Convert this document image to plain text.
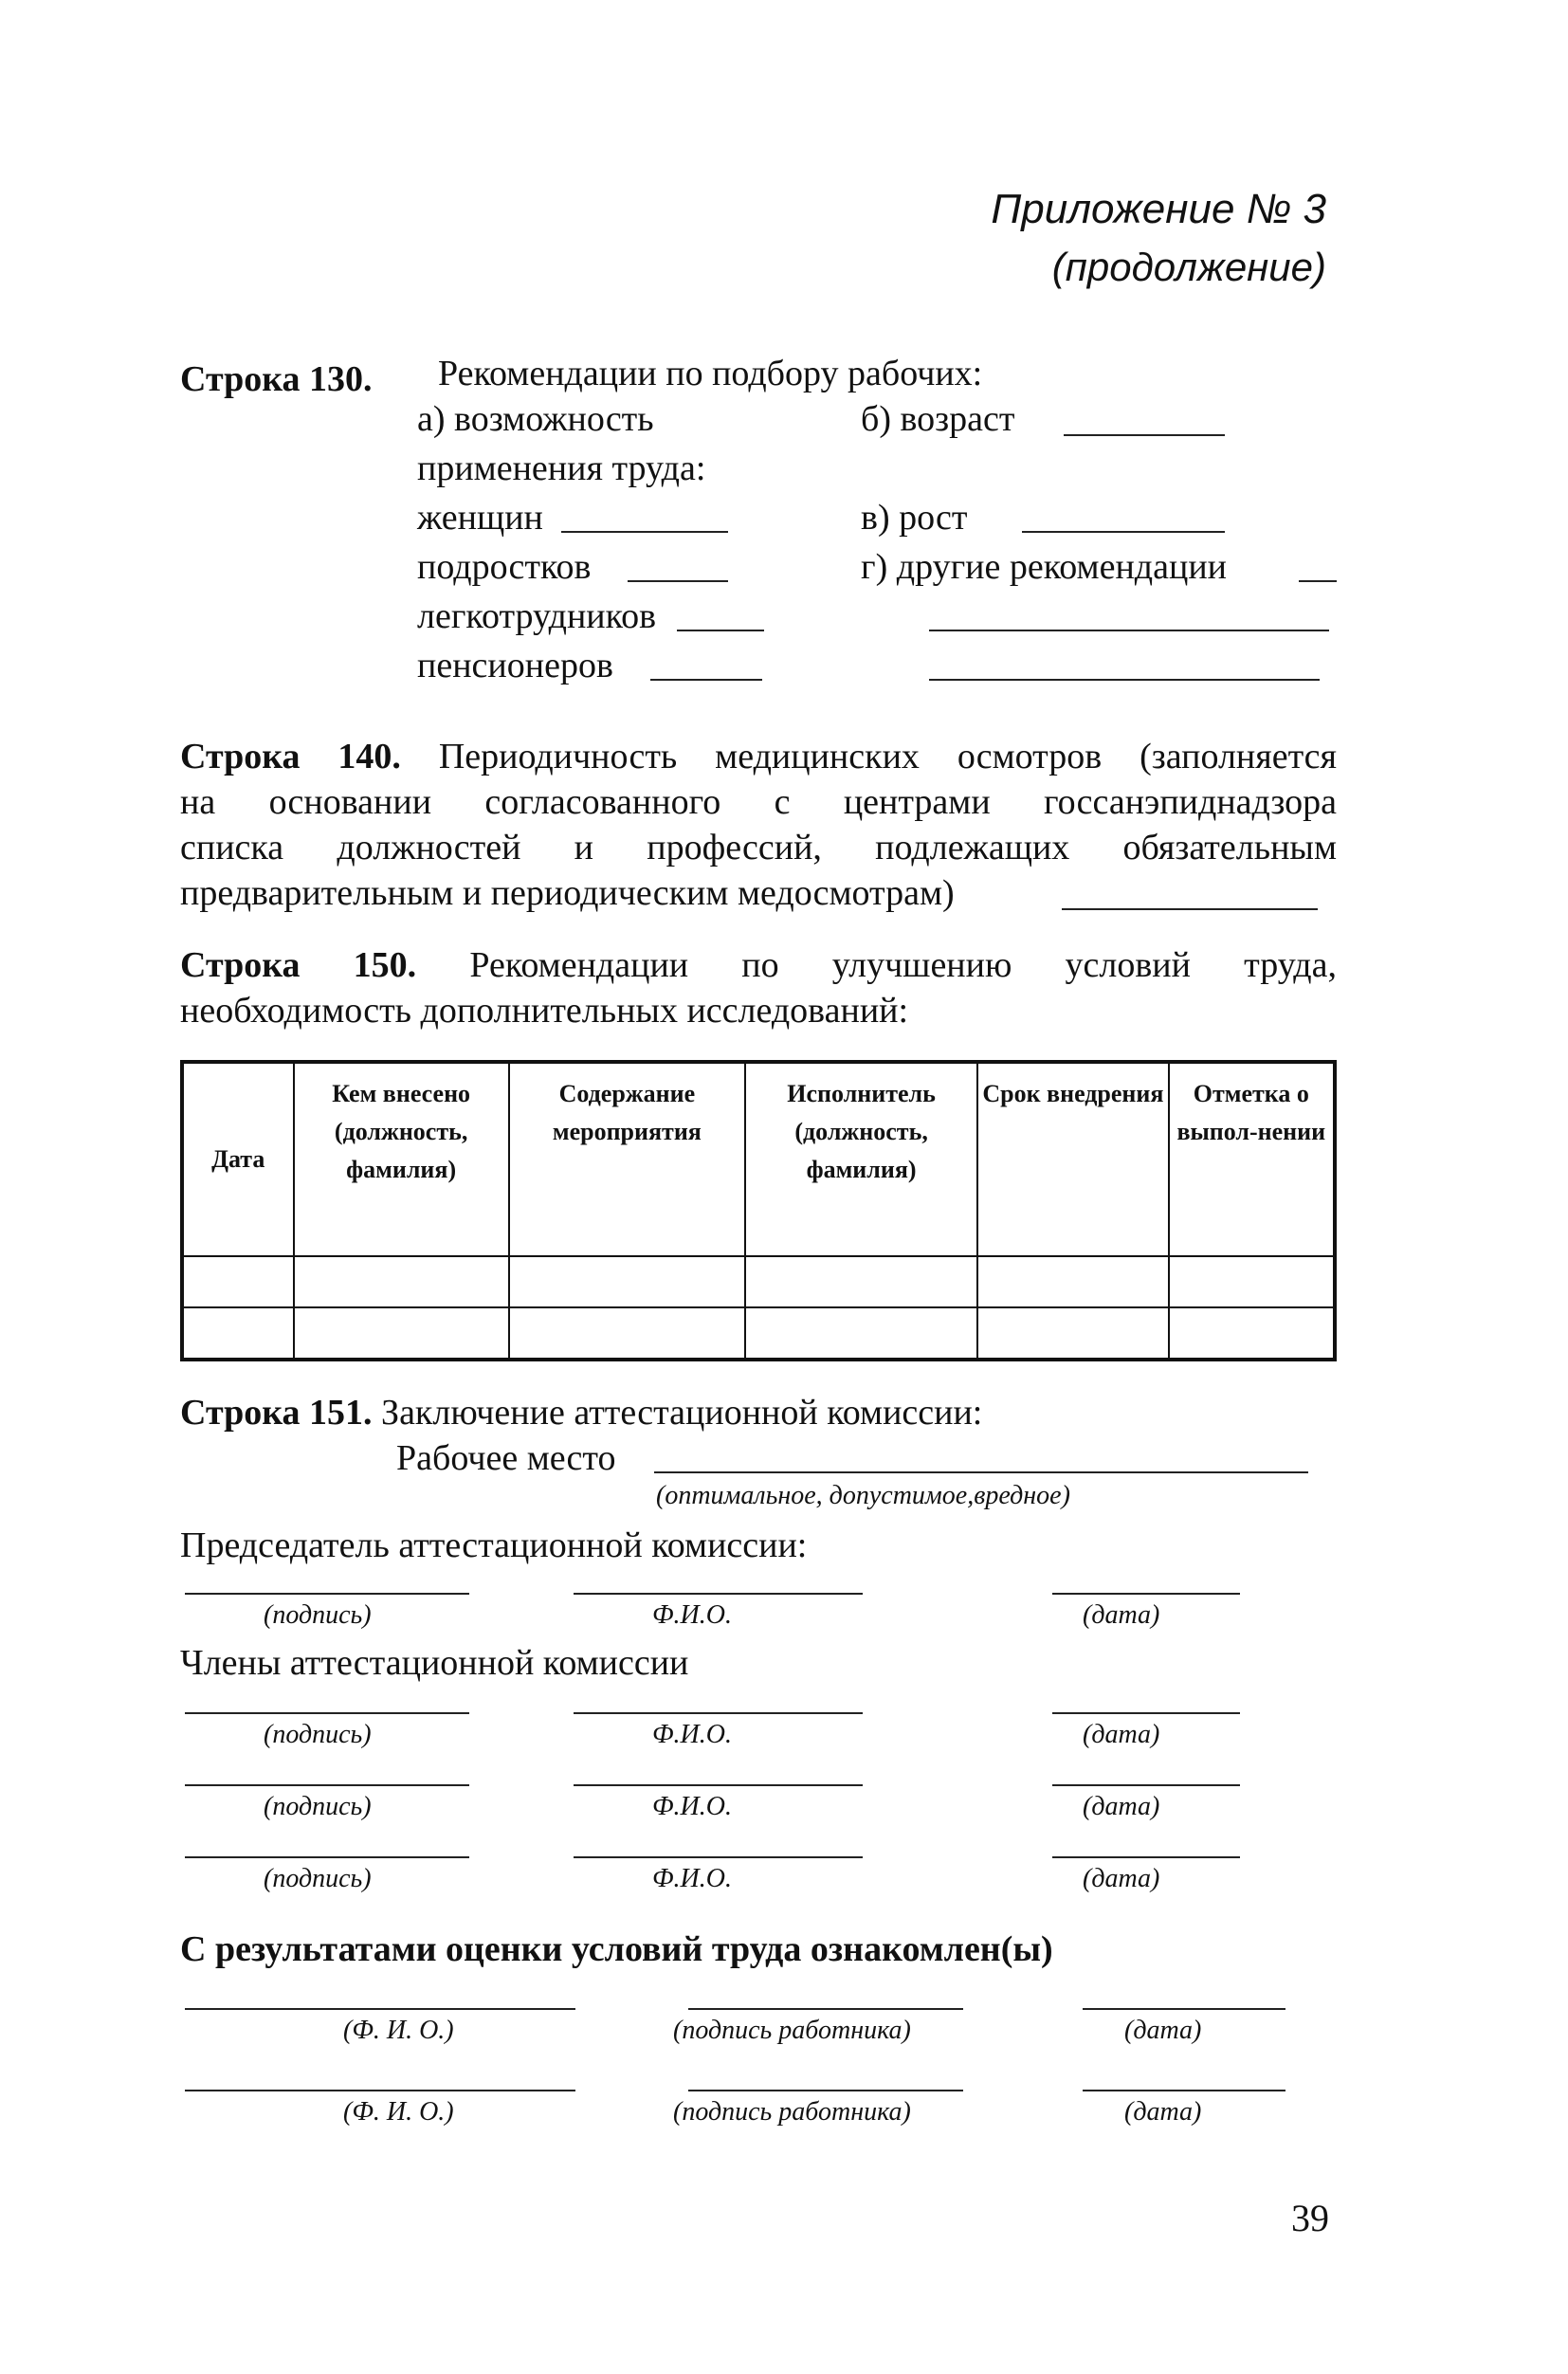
Приложение № 3
(продолжение)
Строка 130. Рекомендации по подбору рабочих:
а) возможность
применения труда:
женщин
подростков
легкотрудников
пенсионеров
б) возраст
в) рост
г) другие рекомендации
Строка 140. Периодичность медицинских осмотров (заполняется
на основании согласованного с центрами госсанэпиднадзора
списка должностей и профессий, подлежащих обязательным
предварительным и периодическим медосмотрам)
Строка 150. Рекомендации по улучшению условий труда,
необходимость дополнительных исследований:
Дата	Кем внесено (должность, фамилия)	Содержание мероприятия	Исполнитель (должность, фамилия)	Срок внедрения	Отметка о выпол-нении

Строка 151. Заключение аттестационной комиссии:
Рабочее место
(оптимальное, допустимое,вредное)
Председатель аттестационной комиссии:
(подпись)	Ф.И.О.	(дата)
Члены аттестационной комиссии
(подпись)	Ф.И.О.	(дата)
(подпись)	Ф.И.О.	(дата)
(подпись)	Ф.И.О.	(дата)
С результатами оценки условий труда ознакомлен(ы)
(Ф. И. О.)	(подпись работника)	(дата)
(Ф. И. О.)	(подпись работника)	(дата)
39
